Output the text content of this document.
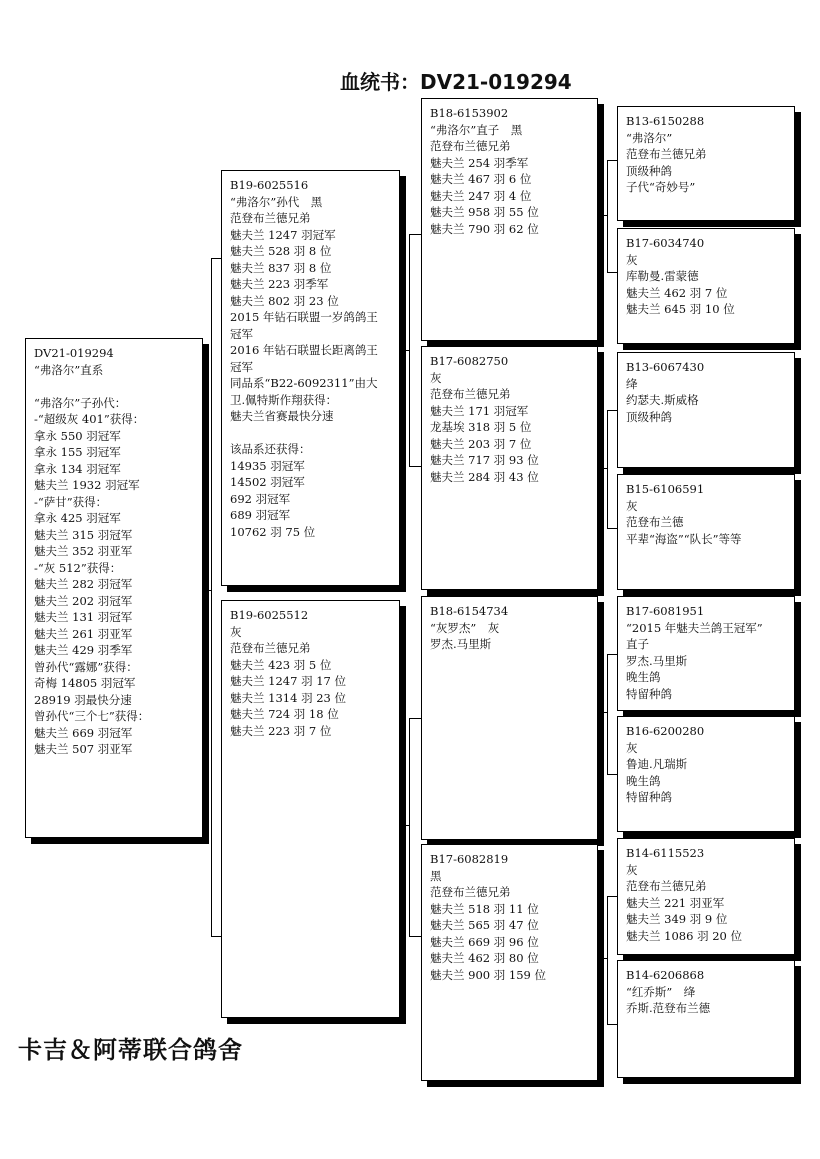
血统书：DV21-019294
DV21-019294
“弗洛尔”直系
“弗洛尔”子孙代：
-“超级灰 401”获得：
拿永 550 羽冠军
拿永 155 羽冠军
拿永 134 羽冠军
魅夫兰 1932 羽冠军
-“萨甘”获得：
拿永 425 羽冠军
魅夫兰 315 羽冠军
魅夫兰 352 羽亚军
-“灰 512”获得：
魅夫兰 282 羽冠军
魅夫兰 202 羽冠军
魅夫兰 131 羽冠军
魅夫兰 261 羽亚军
魅夫兰 429 羽季军
曾孙代“露娜”获得：
奇梅 14805 羽冠军
28919 羽最快分速
曾孙代“三个七”获得：
魅夫兰 669 羽冠军
魅夫兰 507 羽亚军
B19-6025516
“弗洛尔”孙代　黑
范登布兰德兄弟
魅夫兰 1247 羽冠军
魅夫兰 528 羽 8 位
魅夫兰 837 羽 8 位
魅夫兰 223 羽季军
魅夫兰 802 羽 23 位
2015 年钻石联盟一岁鸽鸽王
冠军
2016 年钻石联盟长距离鸽王
冠军
同品系“B22-6092311”由大
卫.佩特斯作翔获得：
魅夫兰省赛最快分速
该品系还获得：
14935 羽冠军
14502 羽冠军
692 羽冠军
689 羽冠军
10762 羽 75 位
B19-6025512
灰
范登布兰德兄弟
魅夫兰 423 羽 5 位
魅夫兰 1247 羽 17 位
魅夫兰 1314 羽 23 位
魅夫兰 724 羽 18 位
魅夫兰 223 羽 7 位
B18-6153902
“弗洛尔”直子　黑
范登布兰德兄弟
魅夫兰 254 羽季军
魅夫兰 467 羽 6 位
魅夫兰 247 羽 4 位
魅夫兰 958 羽 55 位
魅夫兰 790 羽 62 位
B17-6082750
灰
范登布兰德兄弟
魅夫兰 171 羽冠军
龙基埃 318 羽 5 位
魅夫兰 203 羽 7 位
魅夫兰 717 羽 93 位
魅夫兰 284 羽 43 位
B18-6154734
“灰罗杰”　灰
罗杰.马里斯
B17-6082819
黑
范登布兰德兄弟
魅夫兰 518 羽 11 位
魅夫兰 565 羽 47 位
魅夫兰 669 羽 96 位
魅夫兰 462 羽 80 位
魅夫兰 900 羽 159 位
B13-6150288
“弗洛尔”
范登布兰德兄弟
顶级种鸽
子代“奇妙号”
B17-6034740
灰
库勒曼.雷蒙德
魅夫兰 462 羽 7 位
魅夫兰 645 羽 10 位
B13-6067430
绛
约瑟夫.斯威格
顶级种鸽
B15-6106591
灰
范登布兰德
平辈“海盗”“队长”等等
B17-6081951
“2015 年魅夫兰鸽王冠军”
直子
罗杰.马里斯
晚生鸽
特留种鸽
B16-6200280
灰
鲁迪.凡瑞斯
晚生鸽
特留种鸽
B14-6115523
灰
范登布兰德兄弟
魅夫兰 221 羽亚军
魅夫兰 349 羽 9 位
魅夫兰 1086 羽 20 位
B14-6206868
“红乔斯”　绛
乔斯.范登布兰德
卡吉＆阿蒂联合鸽舍
